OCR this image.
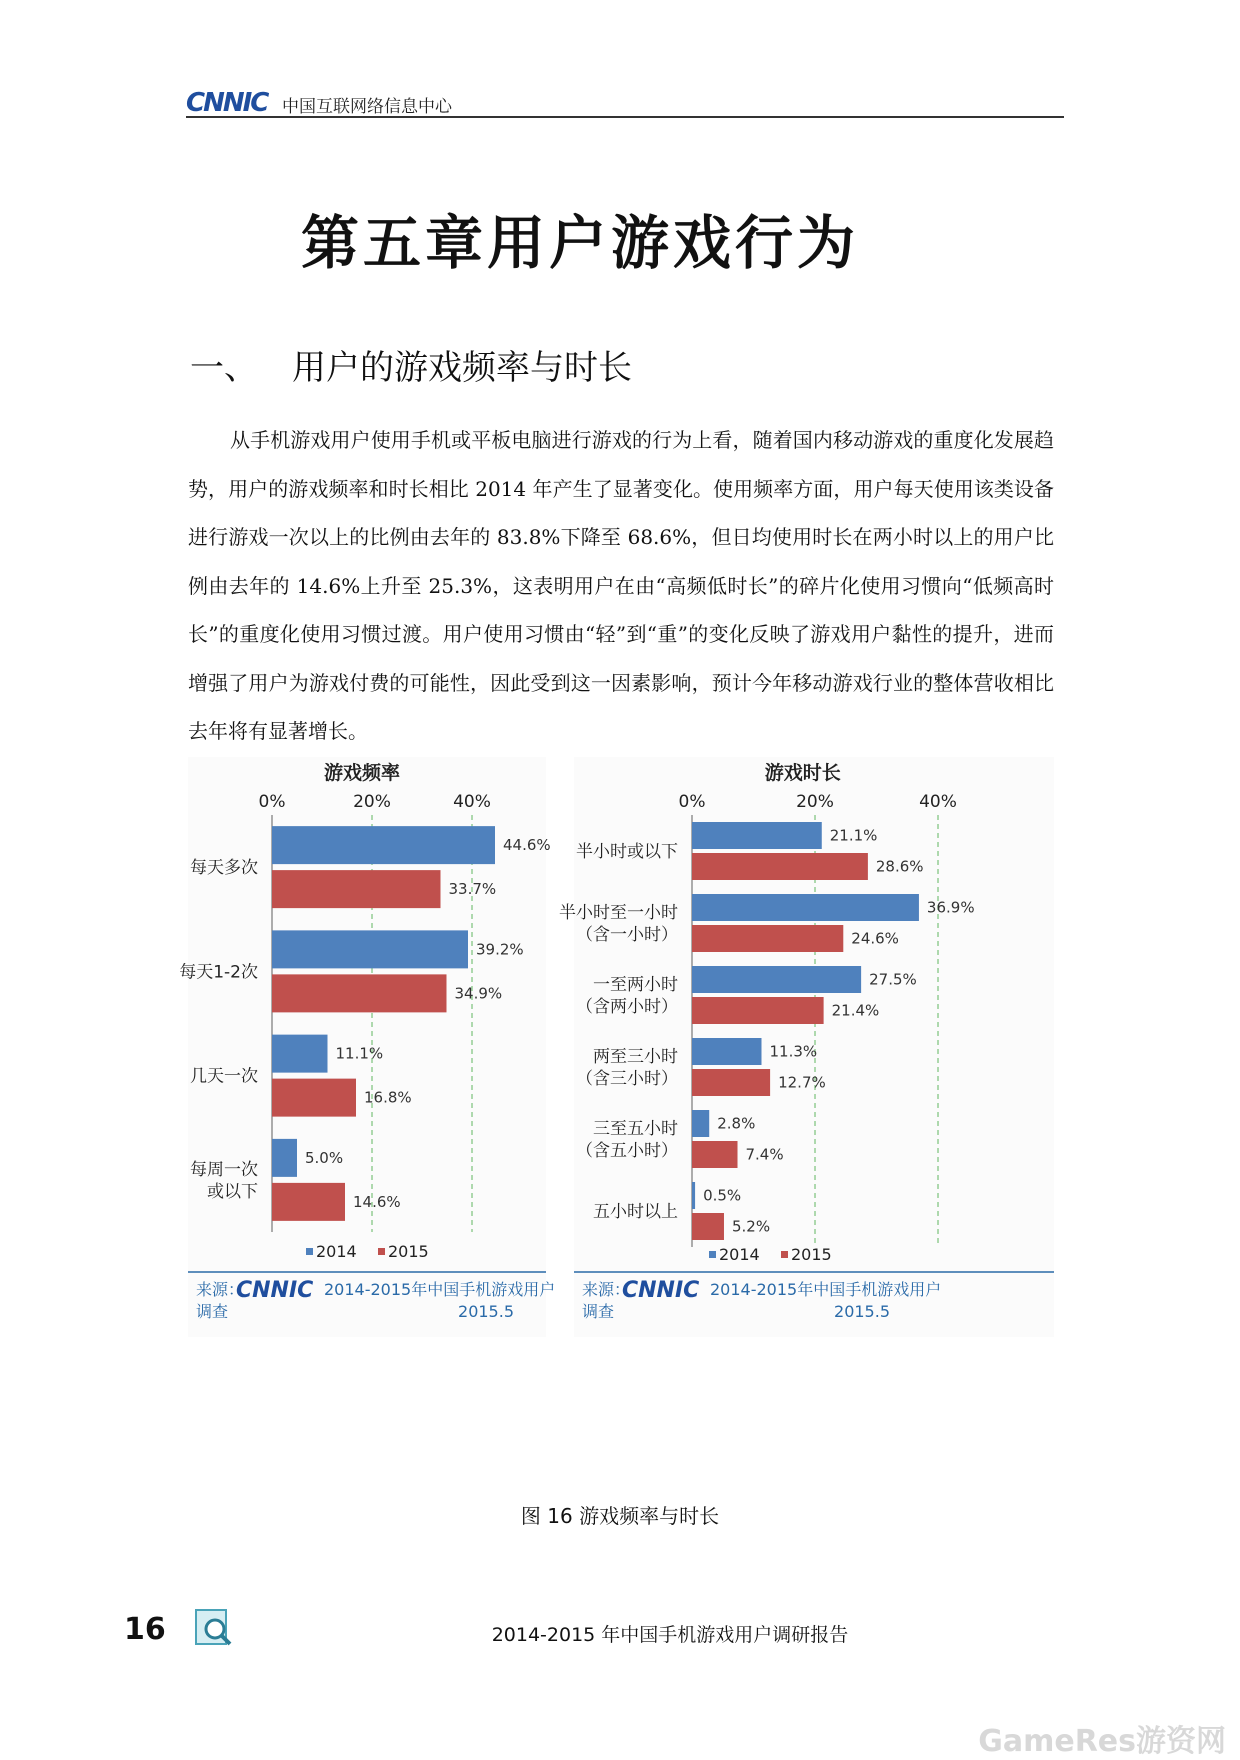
CNNIC 中国互联网络信息中心
第五章用户游戏行为
一、 用户的游戏频率与时长
从手机游戏用户使用手机或平板电脑进行游戏的行为上看，随着国内移动游戏的重度化发展趋势，用户的游戏频率和时长相比 2014 年产生了显著变化。使用频率方面，用户每天使用该类设备进行游戏一次以上的比例由去年的 83.8%下降至 68.6%，但日均使用时长在两小时以上的用户比例由去年的 14.6%上升至 25.3%，这表明用户在由“高频低时长”的碎片化使用习惯向“低频高时长”的重度化使用习惯过渡。用户使用习惯由“轻”到“重”的变化反映了游戏用户黏性的提升，进而增强了用户为游戏付费的可能性，因此受到这一因素影响，预计今年移动游戏行业的整体营收相比去年将有显著增长。
游戏频率
0%	20%	40%
每天多次
44.6%
33.7%
每天1-2次
39.2%
34.9%
几天一次
11.1%
16.8%
每周一次
或以下
5.0%
14.6%
2014 2015
来源：
CNNIC 2014-2015年中国手机游戏用户
调查	2015.5
游戏时长
0%	20%	40%
半小时或以下
21.1%
28.6%
半小时至一小时
（含一小时）
36.9%
24.6%
一至两小时
（含两小时）
27.5%
21.4%
两至三小时
（含三小时）
11.3%
12.7%
三至五小时
（含五小时）
2.8%
7.4%
五小时以上
0.5%
5.2%
2014 2015
来源：
CNNIC 2014-2015年中国手机游戏用户
调查	2015.5
图 16 游戏频率与时长
16	2014-2015 年中国手机游戏用户调研报告
GameRes游资网
